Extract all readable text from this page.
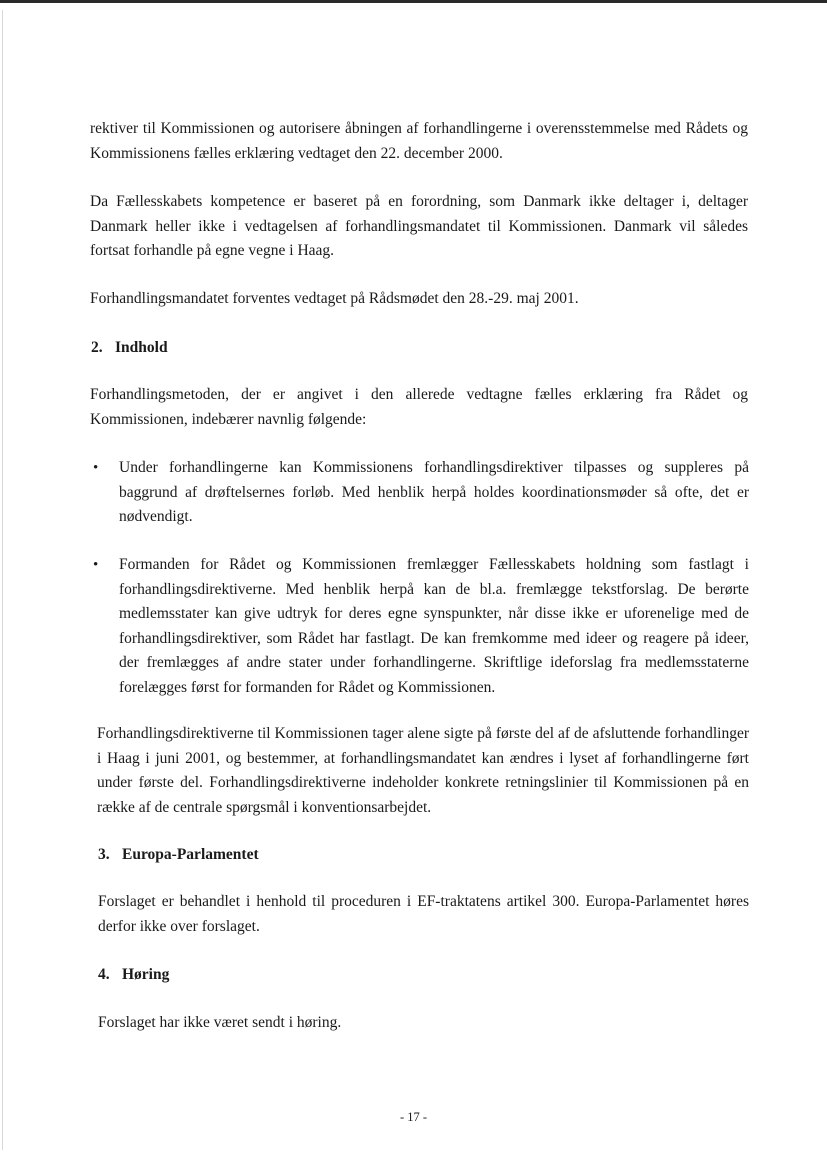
rektiver til Kommissionen og autorisere åbningen af forhandlingerne i overensstemmelse med Rådets og Kommissionens fælles erklæring vedtaget den 22. december 2000.

Da Fællesskabets kompetence er baseret på en forordning, som Danmark ikke deltager i, deltager Danmark heller ikke i vedtagelsen af forhandlingsmandatet til Kommissionen. Danmark vil således fortsat forhandle på egne vegne i Haag.

Forhandlingsmandatet forventes vedtaget på Rådsmødet den 28.-29. maj 2001.

2. Indhold

Forhandlingsmetoden, der er angivet i den allerede vedtagne fælles erklæring fra Rådet og Kommissionen, indebærer navnlig følgende:

• Under forhandlingerne kan Kommissionens forhandlingsdirektiver tilpasses og suppleres på baggrund af drøftelsernes forløb. Med henblik herpå holdes koordinationsmøder så ofte, det er nødvendigt.
• Formanden for Rådet og Kommissionen fremlægger Fællesskabets holdning som fastlagt i forhandlingsdirektiverne. Med henblik herpå kan de bl.a. fremlægge tekstforslag. De berørte medlemsstater kan give udtryk for deres egne synspunkter, når disse ikke er uforenelige med de forhandlingsdirektiver, som Rådet har fastlagt. De kan fremkomme med ideer og reagere på ideer, der fremlægges af andre stater under forhandlingerne. Skriftlige ideforslag fra medlemsstaterne forelægges først for formanden for Rådet og Kommissionen.

Forhandlingsdirektiverne til Kommissionen tager alene sigte på første del af de afsluttende forhandlinger i Haag i juni 2001, og bestemmer, at forhandlingsmandatet kan ændres i lyset af forhandlingerne ført under første del. Forhandlingsdirektiverne indeholder konkrete retningslinier til Kommissionen på en række af de centrale spørgsmål i konventionsarbejdet.

3. Europa-Parlamentet

Forslaget er behandlet i henhold til proceduren i EF-traktatens artikel 300. Europa-Parlamentet høres derfor ikke over forslaget.

4. Høring

Forslaget har ikke været sendt i høring.

- 17 -
